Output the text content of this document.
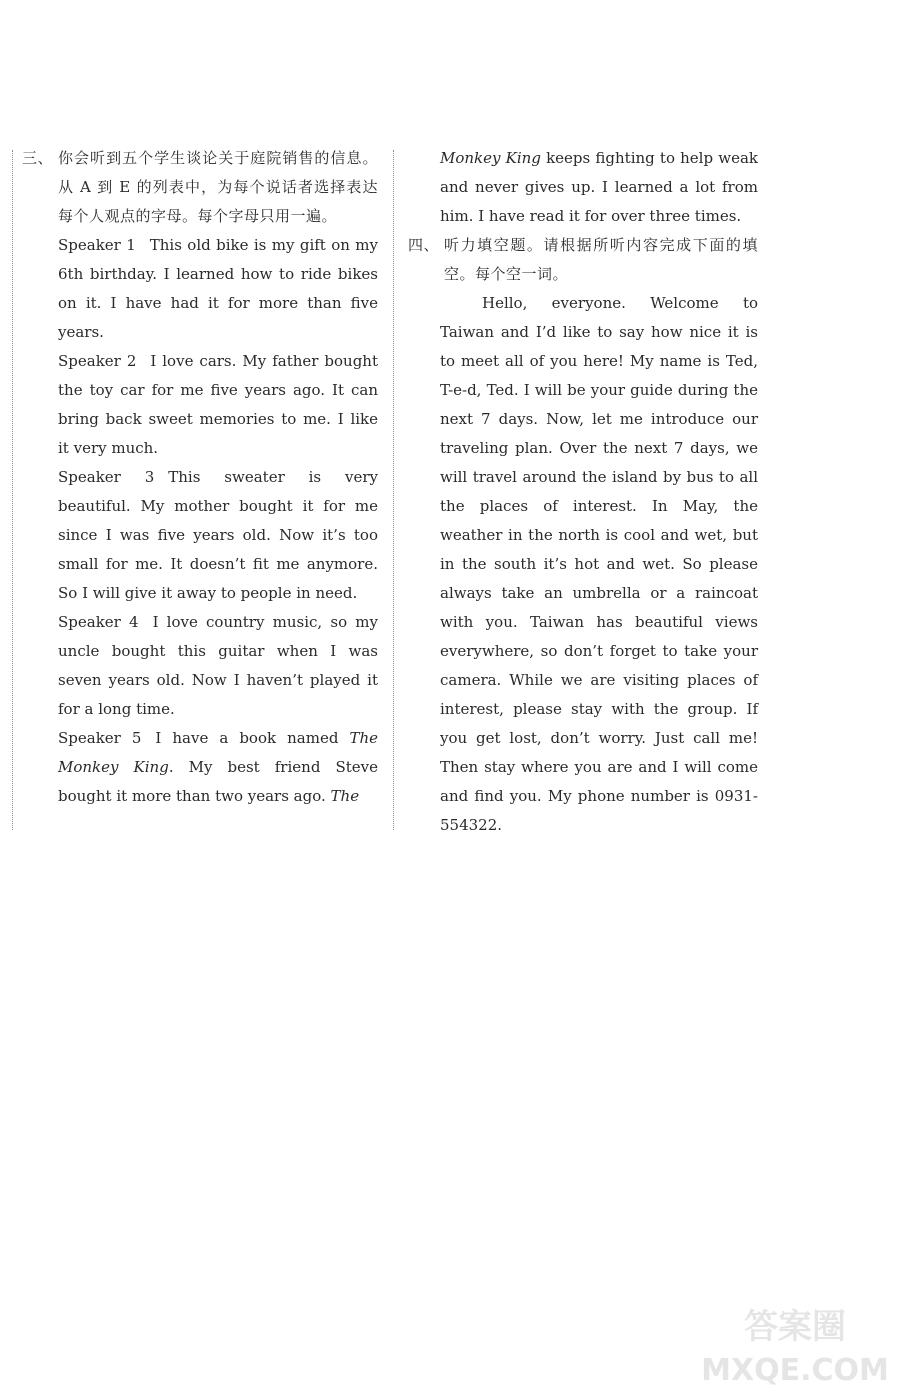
三、 你会听到五个学生谈论关于庭院销售的信息。从 A 到 E 的列表中，为每个说话者选择表达每个人观点的字母。每个字母只用一遍。
Speaker 1 This old bike is my gift on my 6th birthday. I learned how to ride bikes on it. I have had it for more than five years.
Speaker 2 I love cars. My father bought the toy car for me five years ago. It can bring back sweet memories to me. I like it very much.
Speaker 3 This sweater is very beautiful. My mother bought it for me since I was five years old. Now it’s too small for me. It doesn’t fit me anymore. So I will give it away to people in need.
Speaker 4 I love country music, so my uncle bought this guitar when I was seven years old. Now I haven’t played it for a long time.
Speaker 5 I have a book named The Monkey King. My best friend Steve bought it more than two years ago. The
Monkey King keeps fighting to help weak and never gives up. I learned a lot from him. I have read it for over three times.
四、 听力填空题。请根据所听内容完成下面的填空。每个空一词。
Hello, everyone. Welcome to Taiwan and I’d like to say how nice it is to meet all of you here! My name is Ted, T-e-d, Ted. I will be your guide during the next 7 days. Now, let me introduce our traveling plan. Over the next 7 days, we will travel around the island by bus to all the places of interest. In May, the weather in the north is cool and wet, but in the south it’s hot and wet. So please always take an umbrella or a raincoat with you. Taiwan has beautiful views everywhere, so don’t forget to take your camera. While we are visiting places of interest, please stay with the group. If you get lost, don’t worry. Just call me! Then stay where you are and I will come and find you. My phone number is 0931-554322.
答案圈
MXQE.COM
